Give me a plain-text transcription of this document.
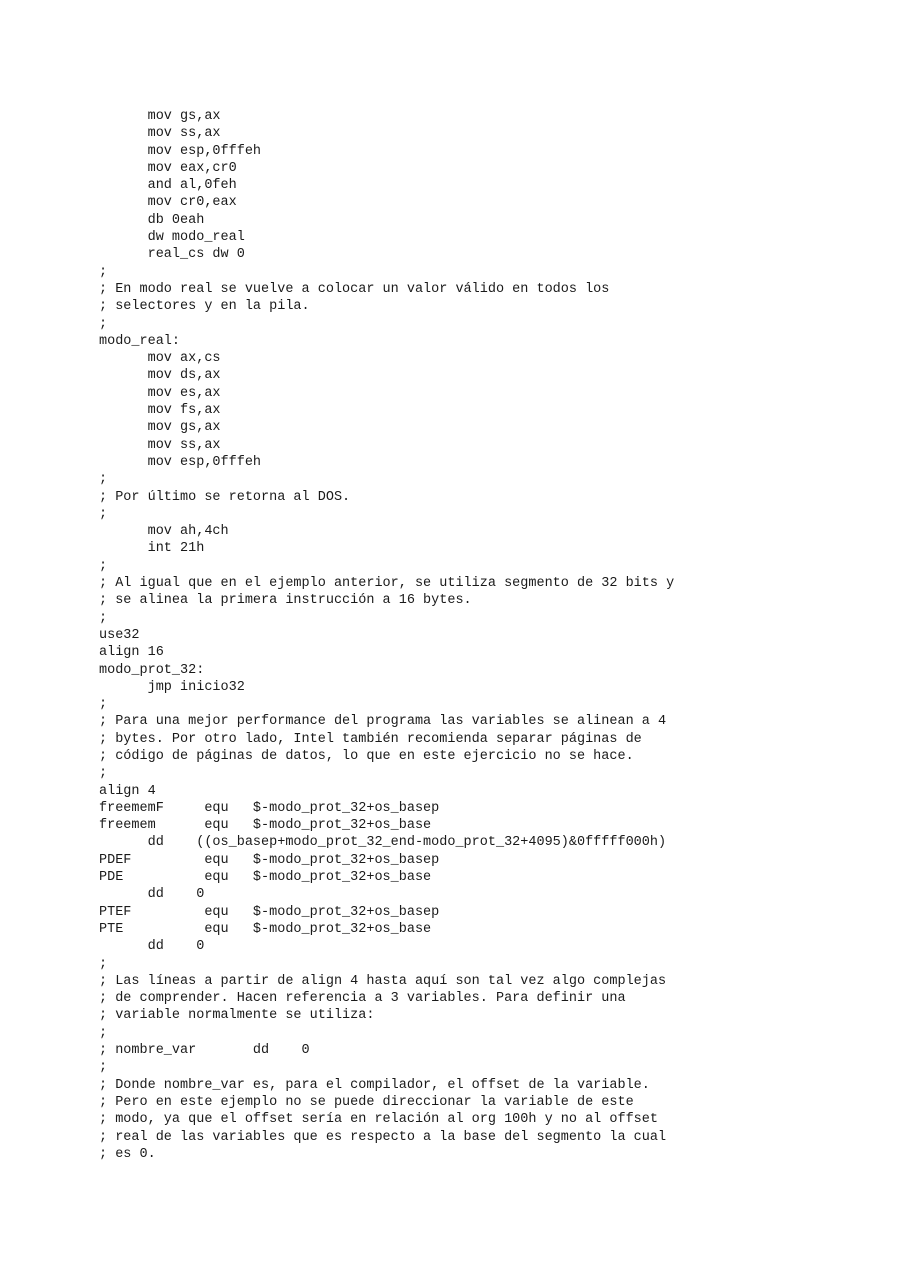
mov gs,ax
mov ss,ax
mov esp,0fffeh
mov eax,cr0
and al,0feh
mov cr0,eax
db 0eah
dw modo_real
real_cs dw 0
;
; En modo real se vuelve a colocar un valor válido en todos los
; selectores y en la pila.
;
modo_real:
mov ax,cs
mov ds,ax
mov es,ax
mov fs,ax
mov gs,ax
mov ss,ax
mov esp,0fffeh
;
; Por último se retorna al DOS.
;
mov ah,4ch
int 21h
;
; Al igual que en el ejemplo anterior, se utiliza segmento de 32 bits y
; se alinea la primera instrucción a 16 bytes.
;
use32
align 16
modo_prot_32:
jmp inicio32
;
; Para una mejor performance del programa las variables se alinean a 4
; bytes. Por otro lado, Intel también recomienda separar páginas de
; código de páginas de datos, lo que en este ejercicio no se hace.
;
align 4
freememF     equ   $-modo_prot_32+os_basep
freemem      equ   $-modo_prot_32+os_base
dd    ((os_basep+modo_prot_32_end-modo_prot_32+4095)&0fffff000h)
PDEF         equ   $-modo_prot_32+os_basep
PDE          equ   $-modo_prot_32+os_base
dd    0
PTEF         equ   $-modo_prot_32+os_basep
PTE          equ   $-modo_prot_32+os_base
dd    0
;
; Las líneas a partir de align 4 hasta aquí son tal vez algo complejas
; de comprender. Hacen referencia a 3 variables. Para definir una
; variable normalmente se utiliza:
;
; nombre_var       dd    0
;
; Donde nombre_var es, para el compilador, el offset de la variable.
; Pero en este ejemplo no se puede direccionar la variable de este
; modo, ya que el offset sería en relación al org 100h y no al offset
; real de las variables que es respecto a la base del segmento la cual
; es 0.
